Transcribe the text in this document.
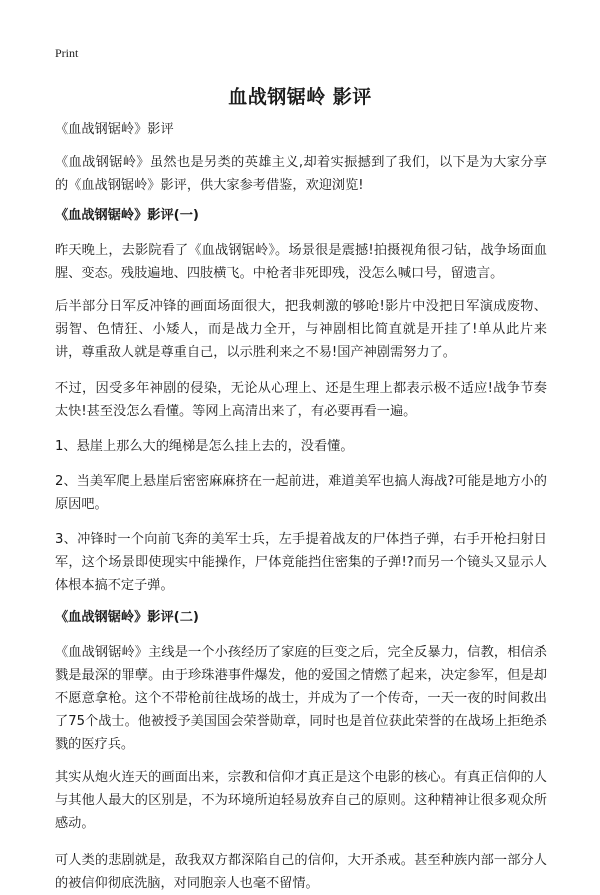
Print
血战钢锯岭 影评

《血战钢锯岭》影评

《血战钢锯岭》虽然也是另类的英雄主义,却着实振撼到了我们，以下是为大家分享的《血战钢锯岭》影评，供大家参考借鉴，欢迎浏览!

《血战钢锯岭》影评(一)

昨天晚上，去影院看了《血战钢锯岭》。场景很是震撼!拍摄视角很刁钻，战争场面血腥、变态。残肢遍地、四肢横飞。中枪者非死即残，没怎么喊口号，留遗言。

后半部分日军反冲锋的画面场面很大，把我刺激的够呛!影片中没把日军演成废物、弱智、色情狂、小矮人，而是战力全开，与神剧相比简直就是开挂了!单从此片来讲，尊重敌人就是尊重自己，以示胜利来之不易!国产神剧需努力了。

不过，因受多年神剧的侵染，无论从心理上、还是生理上都表示极不适应!战争节奏太快!甚至没怎么看懂。等网上高清出来了，有必要再看一遍。

1、悬崖上那么大的绳梯是怎么挂上去的，没看懂。

2、当美军爬上悬崖后密密麻麻挤在一起前进，难道美军也搞人海战?可能是地方小的原因吧。

3、冲锋时一个向前飞奔的美军士兵，左手提着战友的尸体挡子弹，右手开枪扫射日军，这个场景即使现实中能操作，尸体竟能挡住密集的子弹!?而另一个镜头又显示人体根本搞不定子弹。

《血战钢锯岭》影评(二)

《血战钢锯岭》主线是一个小孩经历了家庭的巨变之后，完全反暴力，信教，相信杀戮是最深的罪孽。由于珍珠港事件爆发，他的爱国之情燃了起来，决定参军，但是却不愿意拿枪。这个不带枪前往战场的战士，并成为了一个传奇，一天一夜的时间救出了75个战士。他被授予美国国会荣誉勋章，同时也是首位获此荣誉的在战场上拒绝杀戮的医疗兵。

其实从炮火连天的画面出来，宗教和信仰才真正是这个电影的核心。有真正信仰的人与其他人最大的区别是，不为环境所迫轻易放弃自己的原则。这种精神让很多观众所感动。

可人类的悲剧就是，敌我双方都深陷自己的信仰，大开杀戒。甚至种族内部一部分人的被信仰彻底洗脑，对同胞亲人也毫不留情。
